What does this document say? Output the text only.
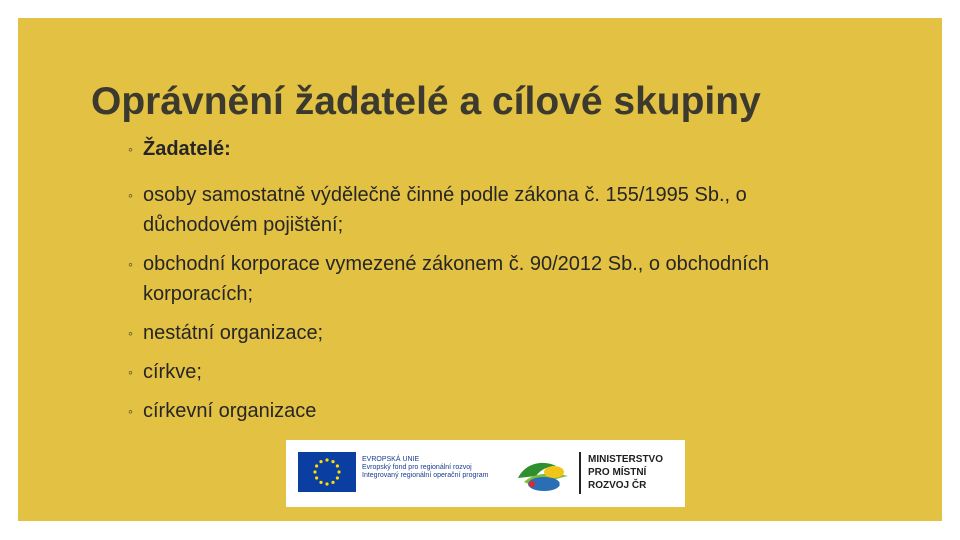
Oprávnění žadatelé a cílové skupiny
◦ Žadatelé:
◦ osoby samostatně výdělečně činné podle zákona č. 155/1995 Sb., o důchodovém pojištění;
◦ obchodní korporace vymezené zákonem č. 90/2012 Sb., o obchodních korporacích;
◦ nestátní organizace;
◦ církve;
◦ církevní organizace
EVROPSKÁ UNIE
Evropský fond pro regionální rozvoj
Integrovaný regionální operační program
MINISTERSTVO
PRO MÍSTNÍ
ROZVOJ ČR
